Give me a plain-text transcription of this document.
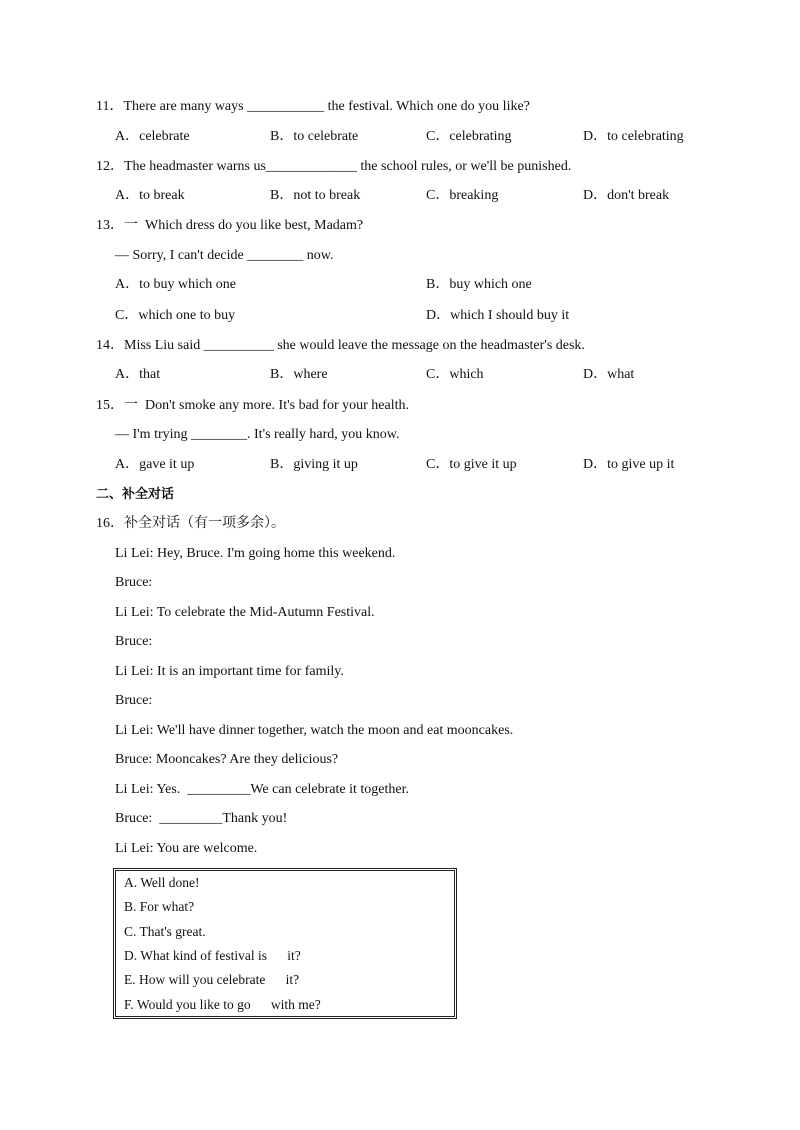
11．There are many ways ___________ the festival. Which one do you like?
A．celebrate	B．to celebrate	C．celebrating	D．to celebrating
12．The headmaster warns us_____________ the school rules, or we'll be punished.
A．to break	B．not to break	C．breaking	D．don't break
13．一  Which dress do you like best, Madam?
— Sorry, I can't decide ________ now.
A．to buy which one	B．buy which one
C．which one to buy	D．which I should buy it
14．Miss Liu said __________ she would leave the message on the headmaster's desk.
A．that	B．where	C．which	D．what
15．一  Don't smoke any more. It's bad for your health.
— I'm trying ________. It's really hard, you know.
A．gave it up	B．giving it up	C．to give it up	D．to give up it
二、补全对话
16．补全对话（有一项多余）。
Li Lei: Hey, Bruce. I'm going home this weekend.
Bruce:
Li Lei: To celebrate the Mid-Autumn Festival.
Bruce:
Li Lei: It is an important time for family.
Bruce:
Li Lei: We'll have dinner together, watch the moon and eat mooncakes.
Bruce: Mooncakes? Are they delicious?
Li Lei: Yes.  _________We can celebrate it together.
Bruce:  _________Thank you!
Li Lei: You are welcome.
A. Well done!
B. For what?
C. That's great.
D. What kind of festival is      it?
E. How will you celebrate      it?
F. Would you like to go      with me?
